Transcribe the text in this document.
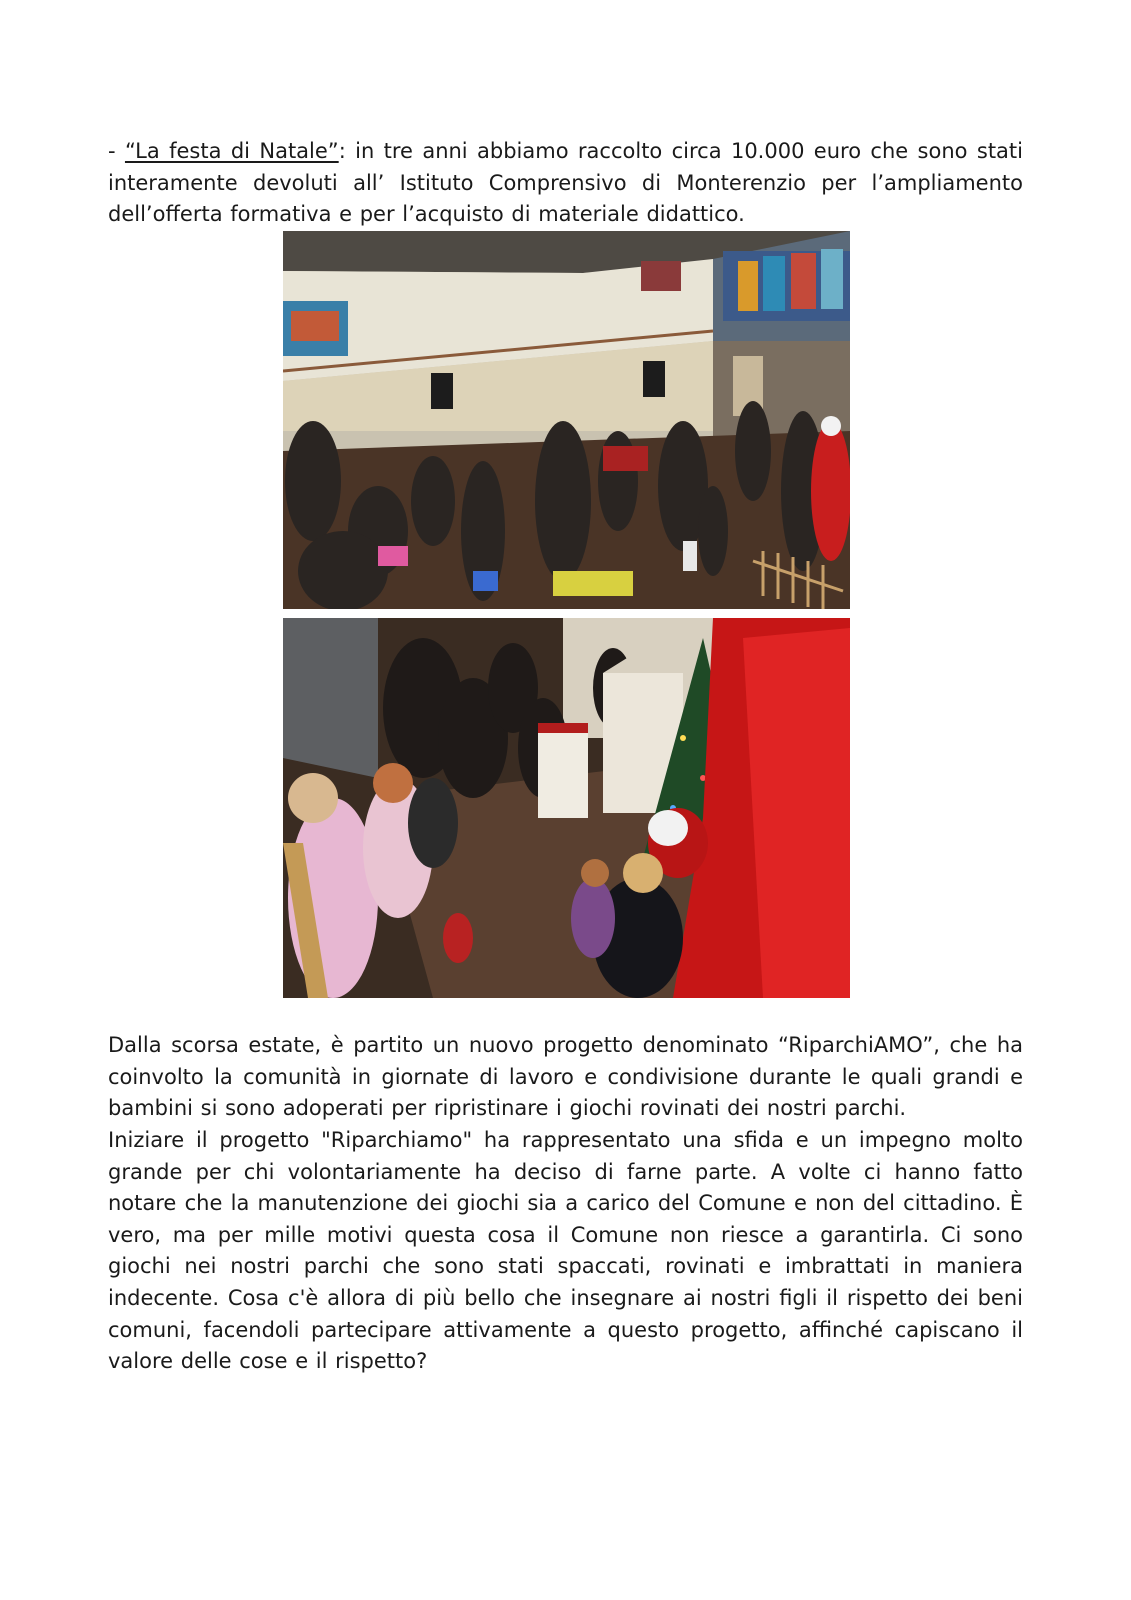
- “La festa di Natale”: in tre anni abbiamo raccolto circa 10.000 euro che sono stati interamente devoluti all’ Istituto Comprensivo di Monterenzio per l’ampliamento dell’offerta formativa e per l’acquisto di materiale didattico.
Dalla scorsa estate, è partito un nuovo progetto denominato “RiparchiAMO”, che ha coinvolto la comunità in giornate di lavoro e condivisione durante le quali grandi e bambini si sono adoperati per ripristinare i giochi rovinati dei nostri parchi.
Iniziare il progetto "Riparchiamo" ha rappresentato una sfida e un impegno molto grande per chi volontariamente ha deciso di farne parte. A volte ci hanno fatto notare che la manutenzione dei giochi sia a carico del Comune e non del cittadino. È vero, ma per mille motivi questa cosa il Comune non riesce a garantirla. Ci sono giochi nei nostri parchi che sono stati spaccati, rovinati e imbrattati in maniera indecente. Cosa c'è allora di più bello che insegnare ai nostri figli il rispetto dei beni comuni, facendoli partecipare attivamente a questo progetto, affinché capiscano il valore delle cose e il rispetto?
